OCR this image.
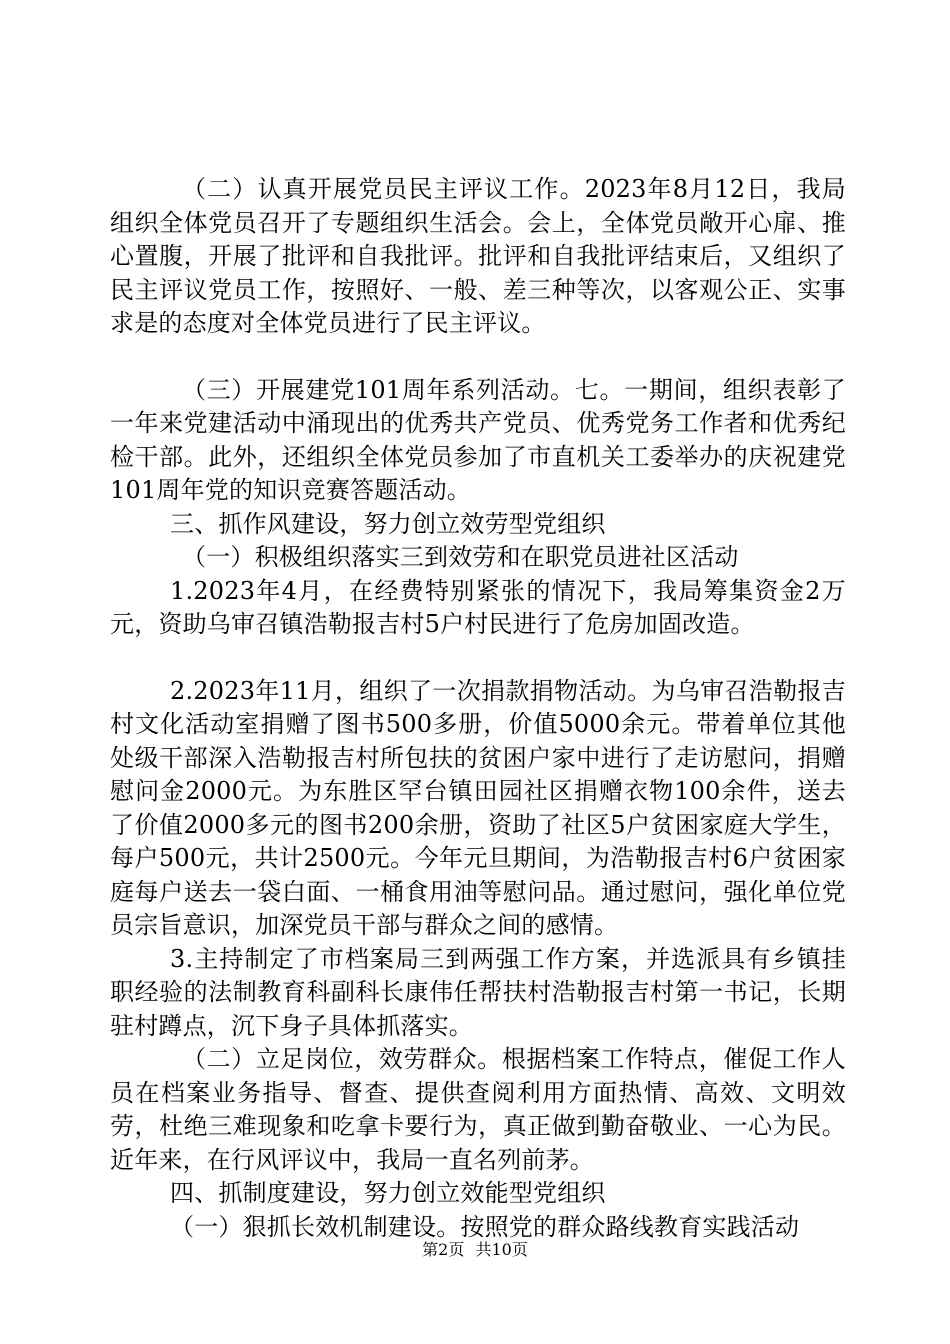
（二）认真开展党员民主评议工作。2023年8月12日，我局组织全体党员召开了专题组织生活会。会上，全体党员敞开心扉、推心置腹，开展了批评和自我批评。批评和自我批评结束后，又组织了民主评议党员工作，按照好、一般、差三种等次，以客观公正、实事求是的态度对全体党员进行了民主评议。

（三）开展建党101周年系列活动。七。一期间，组织表彰了一年来党建活动中涌现出的优秀共产党员、优秀党务工作者和优秀纪检干部。此外，还组织全体党员参加了市直机关工委举办的庆祝建党101周年党的知识竞赛答题活动。

三、抓作风建设，努力创立效劳型党组织

（一）积极组织落实三到效劳和在职党员进社区活动

1.2023年4月，在经费特别紧张的情况下，我局筹集资金2万元，资助乌审召镇浩勒报吉村5户村民进行了危房加固改造。

2.2023年11月，组织了一次捐款捐物活动。为乌审召浩勒报吉村文化活动室捐赠了图书500多册，价值5000余元。带着单位其他处级干部深入浩勒报吉村所包扶的贫困户家中进行了走访慰问，捐赠慰问金2000元。为东胜区罕台镇田园社区捐赠衣物100余件，送去了价值2000多元的图书200余册，资助了社区5户贫困家庭大学生，每户500元，共计2500元。今年元旦期间，为浩勒报吉村6户贫困家庭每户送去一袋白面、一桶食用油等慰问品。通过慰问，强化单位党员宗旨意识，加深党员干部与群众之间的感情。

3.主持制定了市档案局三到两强工作方案，并选派具有乡镇挂职经验的法制教育科副科长康伟任帮扶村浩勒报吉村第一书记，长期驻村蹲点，沉下身子具体抓落实。

（二）立足岗位，效劳群众。根据档案工作特点，催促工作人员在档案业务指导、督查、提供查阅利用方面热情、高效、文明效劳，杜绝三难现象和吃拿卡要行为，真正做到勤奋敬业、一心为民。近年来，在行风评议中，我局一直名列前茅。

四、抓制度建设，努力创立效能型党组织

（一）狠抓长效机制建设。按照党的群众路线教育实践活动

第2页 共10页
